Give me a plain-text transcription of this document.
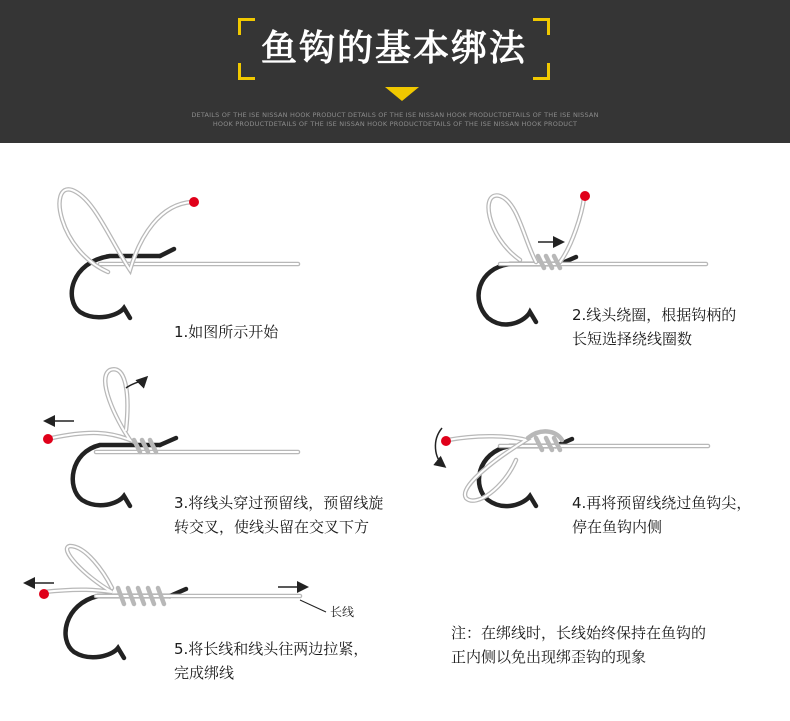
鱼钩的基本绑法
DETAILS OF THE ISE NISSAN HOOK PRODUCT DETAILS OF THE ISE NISSAN HOOK PRODUCTDETAILS OF THE ISE NISSAN
HOOK PRODUCTDETAILS OF THE ISE NISSAN HOOK PRODUCTDETAILS OF THE ISE NISSAN HOOK PRODUCT
1.如图所示开始
2.线头绕圈，根据钩柄的
长短选择绕线圈数
3.将线头穿过预留线，预留线旋
转交叉，使线头留在交叉下方
4.再将预留线绕过鱼钩尖，
停在鱼钩内侧
5.将长线和线头往两边拉紧，
完成绑线
长线
注：在绑线时，长线始终保持在鱼钩的
正内侧以免出现绑歪钩的现象
